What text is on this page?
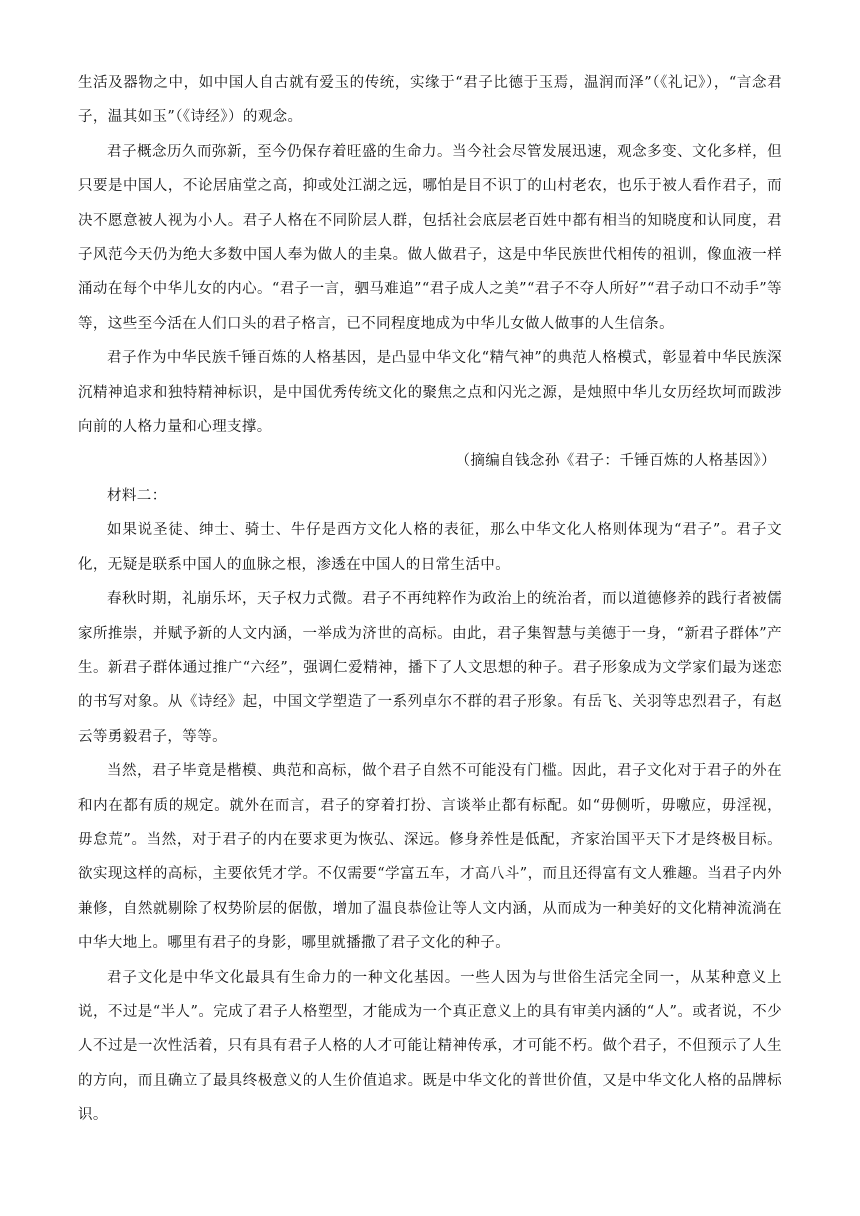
生活及器物之中，如中国人自古就有爱玉的传统，实缘于“君子比德于玉焉，温润而泽”（《礼记》），“言念君子，温其如玉”（《诗经》）的观念。

君子概念历久而弥新，至今仍保存着旺盛的生命力。当今社会尽管发展迅速，观念多变、文化多样，但只要是中国人，不论居庙堂之高，抑或处江湖之远，哪怕是目不识丁的山村老农，也乐于被人看作君子，而决不愿意被人视为小人。君子人格在不同阶层人群，包括社会底层老百姓中都有相当的知晓度和认同度，君子风范今天仍为绝大多数中国人奉为做人的圭臬。做人做君子，这是中华民族世代相传的祖训，像血液一样涌动在每个中华儿女的内心。“君子一言，驷马难追”“君子成人之美”“君子不夺人所好”“君子动口不动手”等等，这些至今活在人们口头的君子格言，已不同程度地成为中华儿女做人做事的人生信条。

君子作为中华民族千锤百炼的人格基因，是凸显中华文化“精气神”的典范人格模式，彰显着中华民族深沉精神追求和独特精神标识，是中国优秀传统文化的聚焦之点和闪光之源，是烛照中华儿女历经坎坷而跋涉向前的人格力量和心理支撑。

（摘编自钱念孙《君子：千锤百炼的人格基因》）

材料二：

如果说圣徒、绅士、骑士、牛仔是西方文化人格的表征，那么中华文化人格则体现为“君子”。君子文化，无疑是联系中国人的血脉之根，渗透在中国人的日常生活中。

春秋时期，礼崩乐坏，天子权力式微。君子不再纯粹作为政治上的统治者，而以道德修养的践行者被儒家所推崇，并赋予新的人文内涵，一举成为济世的高标。由此，君子集智慧与美德于一身，“新君子群体”产生。新君子群体通过推广“六经”，强调仁爱精神，播下了人文思想的种子。君子形象成为文学家们最为迷恋的书写对象。从《诗经》起，中国文学塑造了一系列卓尔不群的君子形象。有岳飞、关羽等忠烈君子，有赵云等勇毅君子，等等。

当然，君子毕竟是楷模、典范和高标，做个君子自然不可能没有门槛。因此，君子文化对于君子的外在和内在都有质的规定。就外在而言，君子的穿着打扮、言谈举止都有标配。如“毋侧听，毋噭应，毋淫视，毋怠荒”。当然，对于君子的内在要求更为恢弘、深远。修身养性是低配，齐家治国平天下才是终极目标。欲实现这样的高标，主要依凭才学。不仅需要“学富五车，才高八斗”，而且还得富有文人雅趣。当君子内外兼修，自然就剔除了权势阶层的倨傲，增加了温良恭俭让等人文内涵，从而成为一种美好的文化精神流淌在中华大地上。哪里有君子的身影，哪里就播撒了君子文化的种子。

君子文化是中华文化最具有生命力的一种文化基因。一些人因为与世俗生活完全同一，从某种意义上说，不过是“半人”。完成了君子人格塑型，才能成为一个真正意义上的具有审美内涵的“人”。或者说，不少人不过是一次性活着，只有具有君子人格的人才可能让精神传承，才可能不朽。做个君子，不但预示了人生的方向，而且确立了最具终极意义的人生价值追求。既是中华文化的普世价值，又是中华文化人格的品牌标识。
